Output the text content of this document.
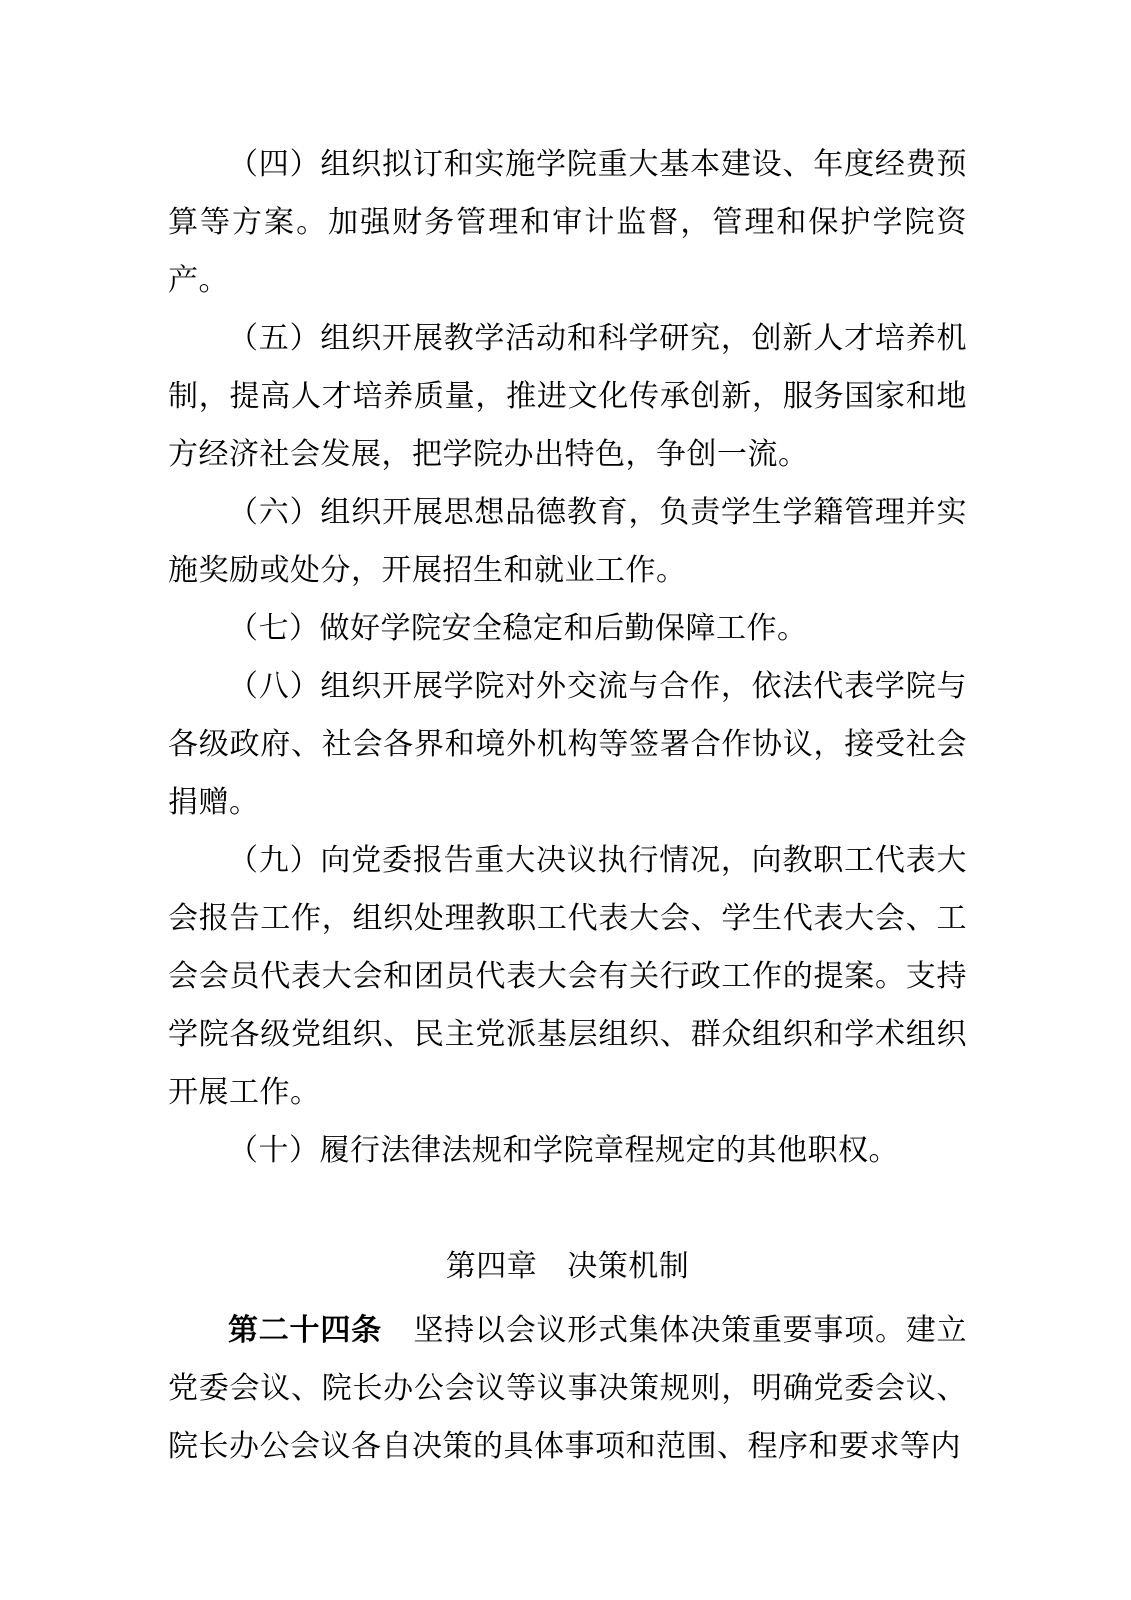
（四）组织拟订和实施学院重大基本建设、年度经费预算等方案。加强财务管理和审计监督，管理和保护学院资产。

（五）组织开展教学活动和科学研究，创新人才培养机制，提高人才培养质量，推进文化传承创新，服务国家和地方经济社会发展，把学院办出特色，争创一流。

（六）组织开展思想品德教育，负责学生学籍管理并实施奖励或处分，开展招生和就业工作。

（七）做好学院安全稳定和后勤保障工作。

（八）组织开展学院对外交流与合作，依法代表学院与各级政府、社会各界和境外机构等签署合作协议，接受社会捐赠。

（九）向党委报告重大决议执行情况，向教职工代表大会报告工作，组织处理教职工代表大会、学生代表大会、工会会员代表大会和团员代表大会有关行政工作的提案。支持学院各级党组织、民主党派基层组织、群众组织和学术组织开展工作。

（十）履行法律法规和学院章程规定的其他职权。

第四章 决策机制

第二十四条 坚持以会议形式集体决策重要事项。建立党委会议、院长办公会议等议事决策规则，明确党委会议、院长办公会议各自决策的具体事项和范围、程序和要求等内
